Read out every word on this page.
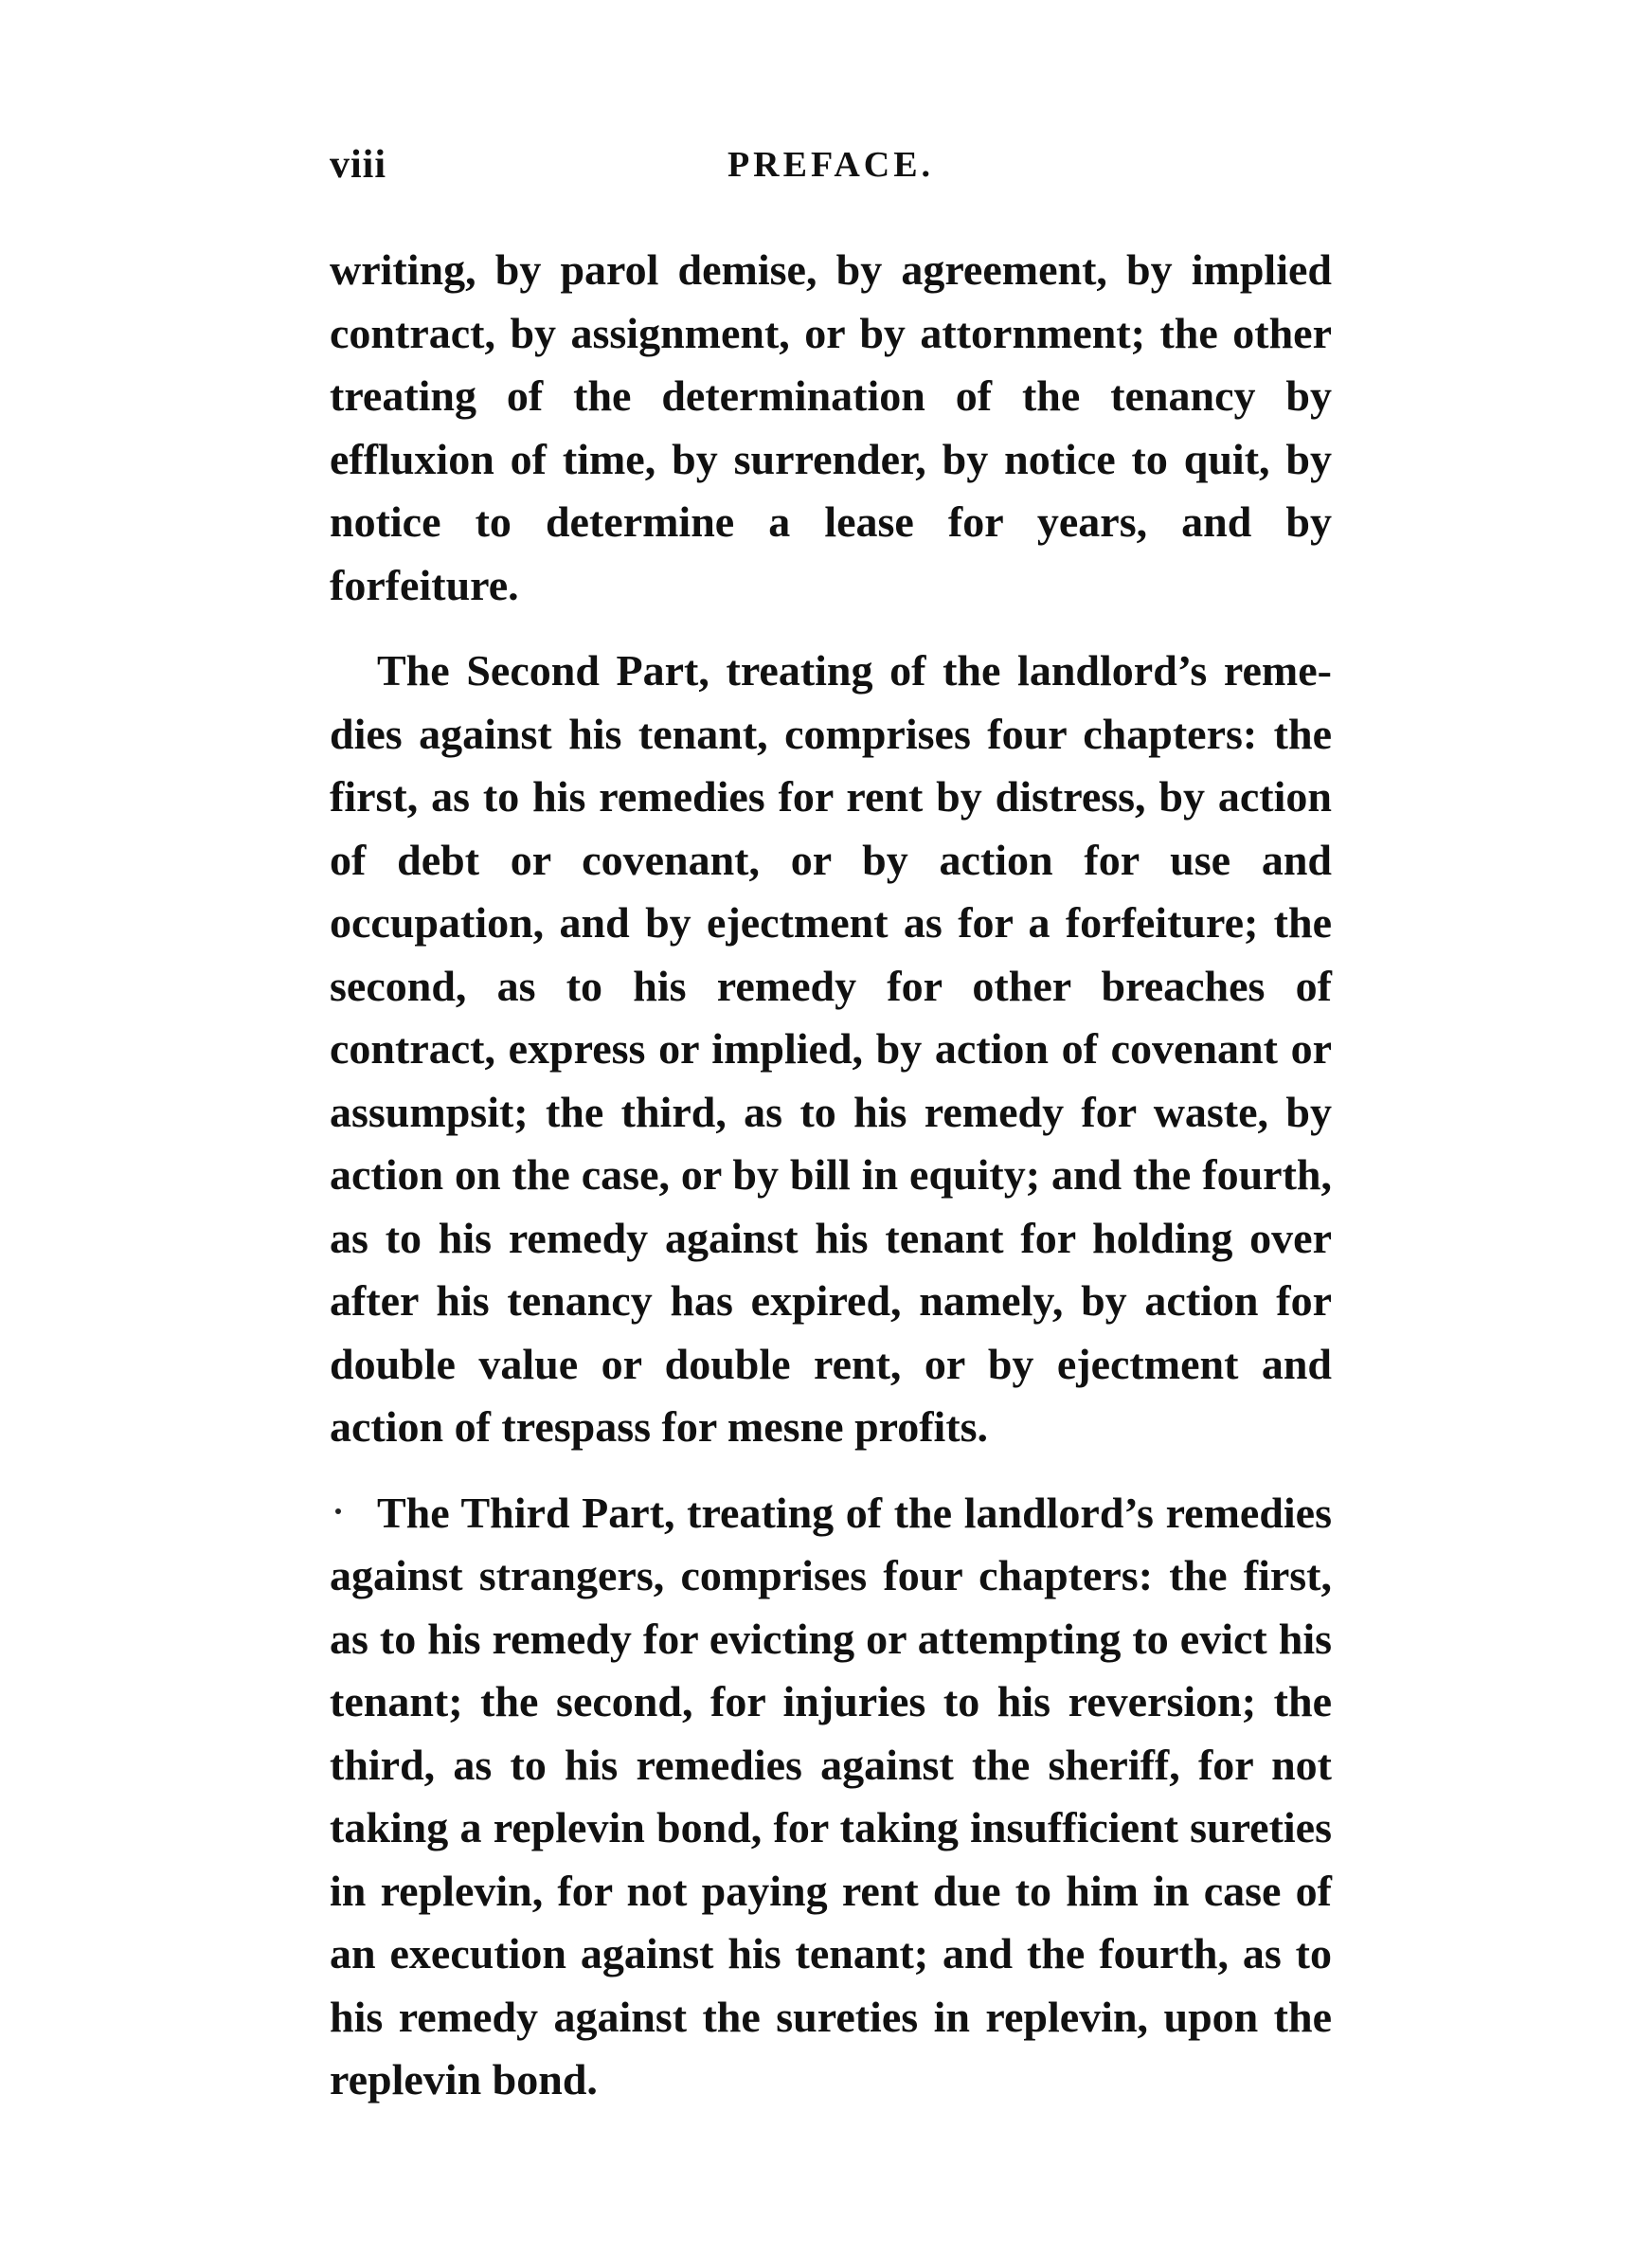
viii	PREFACE.

writing, by parol demise, by agreement, by implied contract, by assignment, or by attornment; the other treating of the determination of the tenancy by effluxion of time, by surrender, by notice to quit, by notice to determine a lease for years, and by forfeiture.

The Second Part, treating of the landlord’s remedies against his tenant, comprises four chapters: the first, as to his remedies for rent by distress, by action of debt or covenant, or by action for use and occupation, and by ejectment as for a forfeiture; the second, as to his remedy for other breaches of contract, express or implied, by action of covenant or assumpsit; the third, as to his remedy for waste, by action on the case, or by bill in equity; and the fourth, as to his remedy against his tenant for holding over after his tenancy has expired, namely, by action for double value or double rent, or by ejectment and action of trespass for mesne profits.

The Third Part, treating of the landlord’s remedies against strangers, comprises four chapters: the first, as to his remedy for evicting or attempting to evict his tenant; the second, for injuries to his reversion; the third, as to his remedies against the sheriff, for not taking a replevin bond, for taking insufficient sureties in replevin, for not paying rent due to him in case of an execution against his tenant; and the fourth, as to his remedy against the sureties in replevin, upon the replevin bond.
